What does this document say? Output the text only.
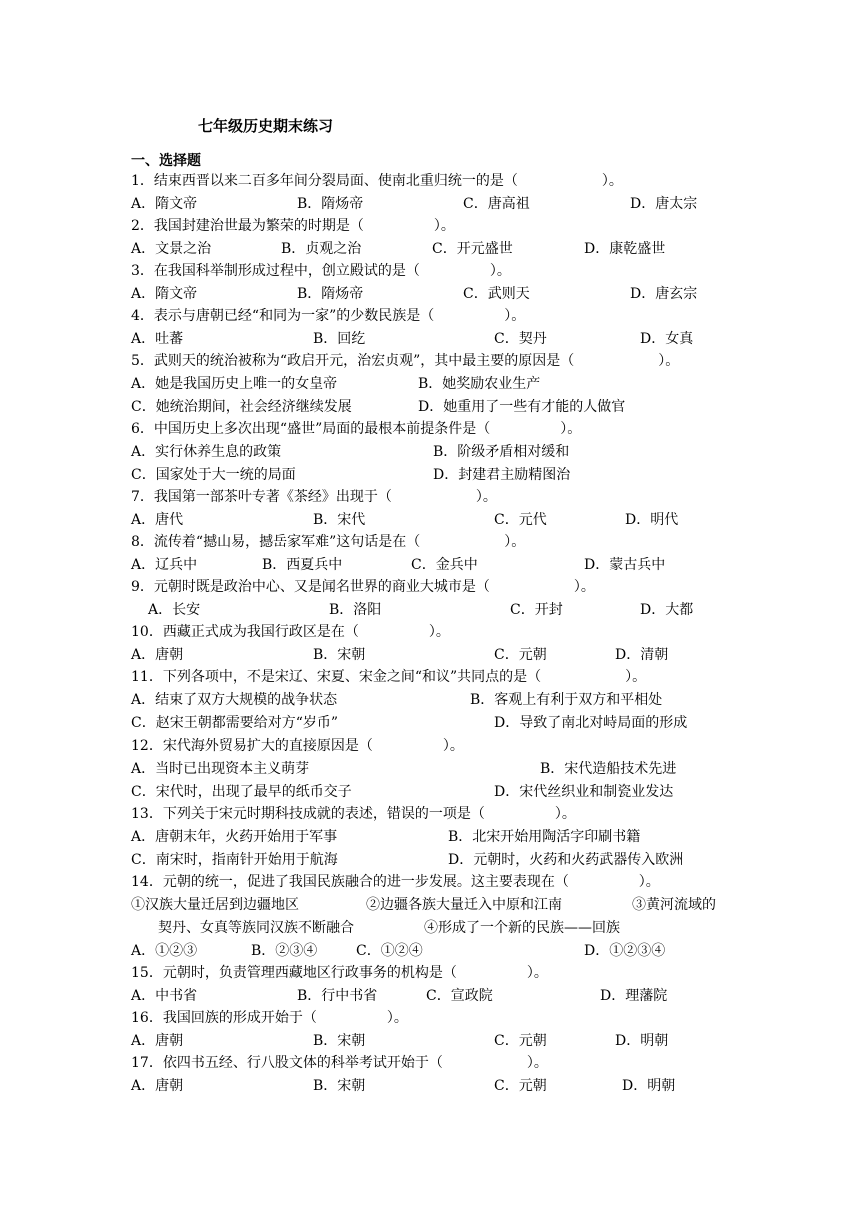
七年级历史期末练习
一、选择题
1．结束西晋以来二百多年间分裂局面、使南北重归统一的是（　　　　　　）。
A．隋文帝	B．隋炀帝	C．唐高祖	D．唐太宗
2．我国封建治世最为繁荣的时期是（　　　　　）。
A．文景之治	B．贞观之治	C．开元盛世	D．康乾盛世
3．在我国科举制形成过程中，创立殿试的是（　　　　　）。
A．隋文帝	B．隋炀帝	C．武则天	D．唐玄宗
4．表示与唐朝已经“和同为一家”的少数民族是（　　　　　）。
A．吐蕃	B．回纥	C．契丹	D．女真
5．武则天的统治被称为“政启开元，治宏贞观”，其中最主要的原因是（　　　　　　）。
A．她是我国历史上唯一的女皇帝	B．她奖励农业生产
C．她统治期间，社会经济继续发展	D．她重用了一些有才能的人做官
6．中国历史上多次出现“盛世”局面的最根本前提条件是（　　　　　）。
A．实行休养生息的政策	B．阶级矛盾相对缓和
C．国家处于大一统的局面	D．封建君主励精图治
7．我国第一部茶叶专著《茶经》出现于（　　　　　　）。
A．唐代	B．宋代	C．元代	D．明代
8．流传着“撼山易，撼岳家军难”这句话是在（　　　　　　）。
A．辽兵中	B．西夏兵中	C．金兵中	D．蒙古兵中
9．元朝时既是政治中心、又是闻名世界的商业大城市是（　　　　　　）。
A．长安	B．洛阳	C．开封	D．大都
10．西藏正式成为我国行政区是在（　　　　　）。
A．唐朝	B．宋朝	C．元朝	D．清朝
11．下列各项中，不是宋辽、宋夏、宋金之间“和议”共同点的是（　　　　　　）。
A．结束了双方大规模的战争状态	B．客观上有利于双方和平相处
C．赵宋王朝都需要给对方“岁币”	D．导致了南北对峙局面的形成
12．宋代海外贸易扩大的直接原因是（　　　　　）。
A．当时已出现资本主义萌芽	B．宋代造船技术先进
C．宋代时，出现了最早的纸币交子	D．宋代丝织业和制瓷业发达
13．下列关于宋元时期科技成就的表述，错误的一项是（　　　　　）。
A．唐朝末年，火药开始用于军事	B．北宋开始用陶活字印刷书籍
C．南宋时，指南针开始用于航海	D．元朝时，火药和火药武器传入欧洲
14．元朝的统一，促进了我国民族融合的进一步发展。这主要表现在（　　　　　）。
①汉族大量迁居到边疆地区	②边疆各族大量迁入中原和江南	③黄河流域的
契丹、女真等族同汉族不断融合	④形成了一个新的民族——回族
A．①②③	B．②③④	C．①②④	D．①②③④
15．元朝时，负责管理西藏地区行政事务的机构是（　　　　　）。
A．中书省	B．行中书省	C．宣政院	D．理藩院
16．我国回族的形成开始于（　　　　　）。
A．唐朝	B．宋朝	C．元朝	D．明朝
17．依四书五经、行八股文体的科举考试开始于（　　　　　　）。
A．唐朝	B．宋朝	C．元朝	D．明朝
